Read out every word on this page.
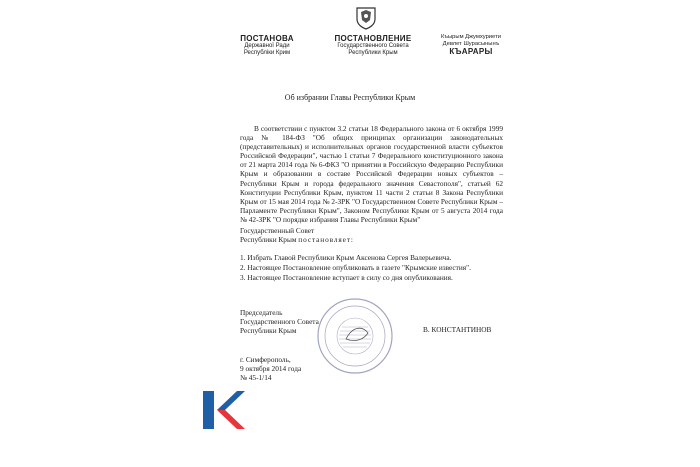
ПОСТАНОВА
Державної Ради
Республіки Крим
ПОСТАНОВЛЕНИЕ
Государственного Совета
Республики Крым
Къырым Джумхуриети
Девлет Шурасынынъ
КЪАРАРЫ
Об избрании Главы Республики Крым
В соответствии с пунктом 3.2 статьи 18 Федерального закона от 6 октября 1999 года № 184-ФЗ "Об общих принципах организации законодательных (представительных) и исполнительных органов государственной власти субъектов Российской Федерации", частью 1 статьи 7 Федерального конституционного закона от 21 марта 2014 года № 6-ФКЗ "О принятии в Российскую Федерацию Республики Крым и образовании в составе Российской Федерации новых субъектов – Республики Крым и города федерального значения Севастополя", статьей 62 Конституции Республики Крым, пунктом 11 части 2 статьи 8 Закона Республики Крым от 15 мая 2014 года № 2-ЗРК "О Государственном Совете Республики Крым – Парламенте Республики Крым", Законом Республики Крым от 5 августа 2014 года № 42-ЗРК "О порядке избрания Главы Республики Крым"
Государственный Совет
Республики Крым постановляет:
1. Избрать Главой Республики Крым Аксенова Сергея Валерьевича.
2. Настоящее Постановление опубликовать в газете "Крымские известия".
3. Настоящее Постановление вступает в силу со дня опубликования.
Председатель
Государственного Совета
Республики Крым	В. КОНСТАНТИНОВ
г. Симферополь,
9 октября 2014 года
№ 45-1/14
